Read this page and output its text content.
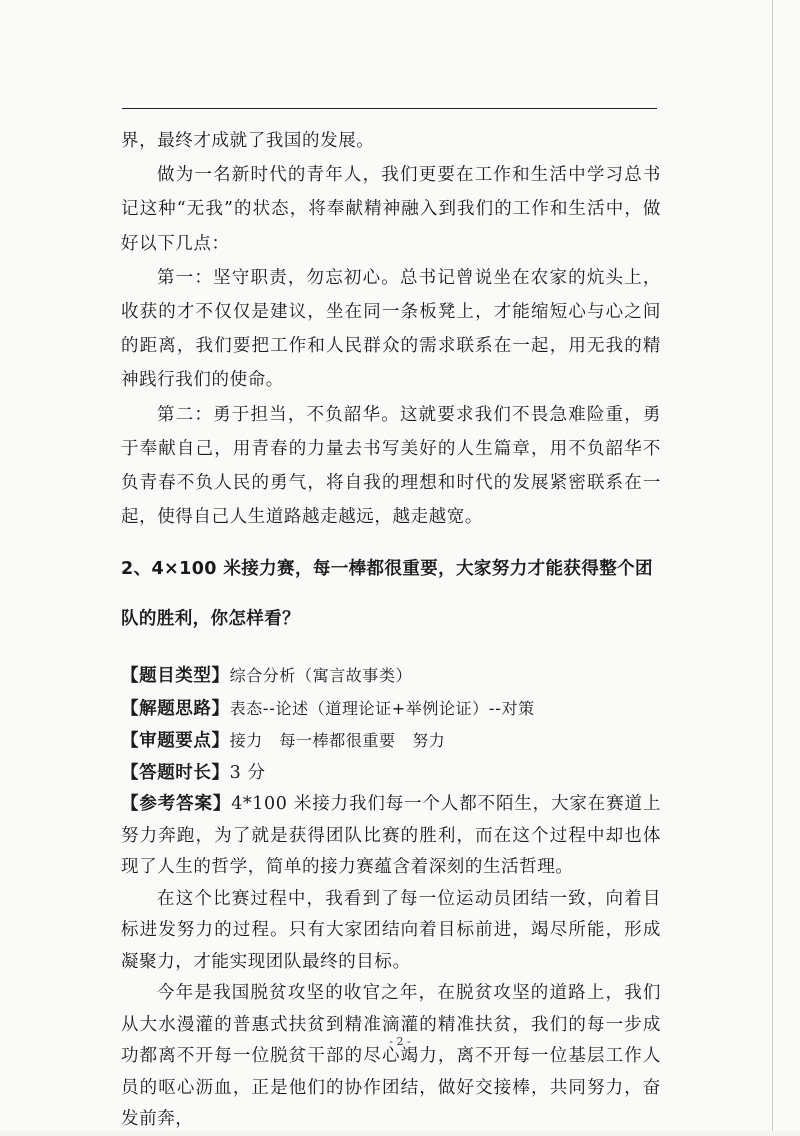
界，最终才成就了我国的发展。

做为一名新时代的青年人，我们更要在工作和生活中学习总书记这种“无我”的状态，将奉献精神融入到我们的工作和生活中，做好以下几点：

第一：坚守职责，勿忘初心。总书记曾说坐在农家的炕头上，收获的才不仅仅是建议，坐在同一条板凳上，才能缩短心与心之间的距离，我们要把工作和人民群众的需求联系在一起，用无我的精神践行我们的使命。

第二：勇于担当，不负韶华。这就要求我们不畏急难险重，勇于奉献自己，用青春的力量去书写美好的人生篇章，用不负韶华不负青春不负人民的勇气，将自我的理想和时代的发展紧密联系在一起，使得自己人生道路越走越远，越走越宽。

2、4×100 米接力赛，每一棒都很重要，大家努力才能获得整个团队的胜利，你怎样看？

【题目类型】综合分析（寓言故事类）

【解题思路】表态--论述（道理论证+举例论证）--对策

【审题要点】接力　每一棒都很重要　努力

【答题时长】3 分

【参考答案】4*100 米接力我们每一个人都不陌生，大家在赛道上努力奔跑，为了就是获得团队比赛的胜利，而在这个过程中却也体现了人生的哲学，简单的接力赛蕴含着深刻的生活哲理。

在这个比赛过程中，我看到了每一位运动员团结一致，向着目标进发努力的过程。只有大家团结向着目标前进，竭尽所能，形成凝聚力，才能实现团队最终的目标。

今年是我国脱贫攻坚的收官之年，在脱贫攻坚的道路上，我们从大水漫灌的普惠式扶贫到精准滴灌的精准扶贫，我们的每一步成功都离不开每一位脱贫干部的尽心竭力，离不开每一位基层工作人员的呕心沥血，正是他们的协作团结，做好交接棒，共同努力，奋发前奔，

- 2 -
